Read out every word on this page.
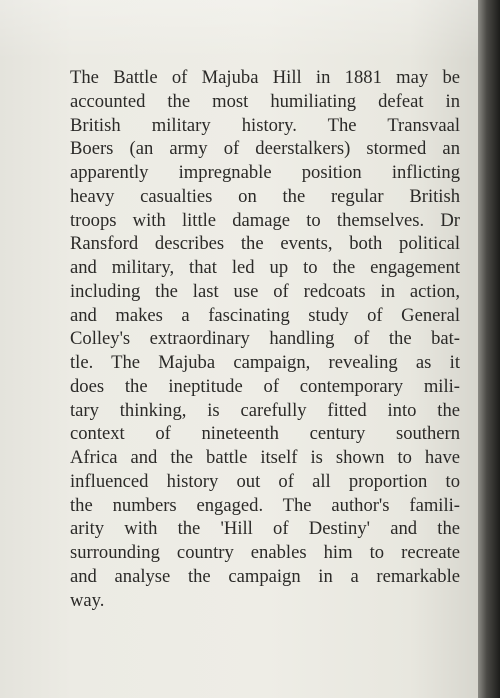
The Battle of Majuba Hill in 1881 may be
accounted the most humiliating defeat in
British military history. The Transvaal
Boers (an army of deerstalkers) stormed an
apparently impregnable position inflicting
heavy casualties on the regular British
troops with little damage to themselves. Dr
Ransford describes the events, both political
and military, that led up to the engagement
including the last use of redcoats in action,
and makes a fascinating study of General
Colley's extraordinary handling of the bat-
tle. The Majuba campaign, revealing as it
does the ineptitude of contemporary mili-
tary thinking, is carefully fitted into the
context of nineteenth century southern
Africa and the battle itself is shown to have
influenced history out of all proportion to
the numbers engaged. The author's famili-
arity with the 'Hill of Destiny' and the
surrounding country enables him to recreate
and analyse the campaign in a remarkable
way.
